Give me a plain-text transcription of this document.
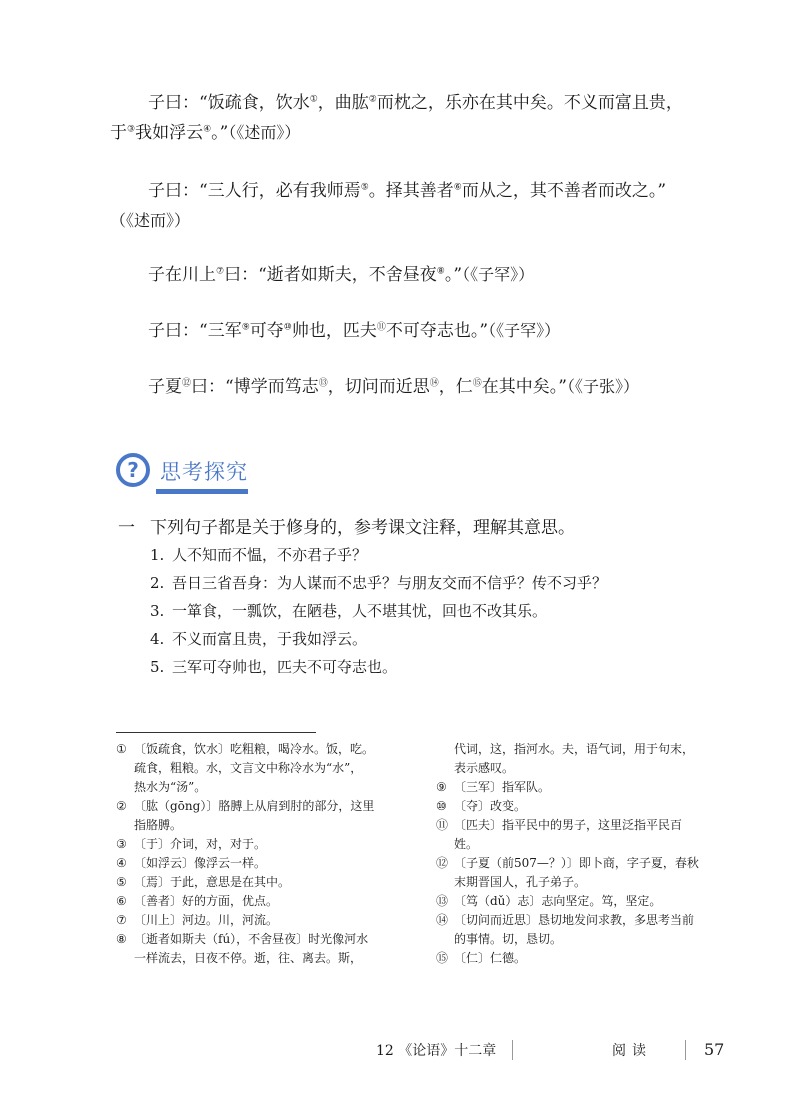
子曰：“饭疏食，饮水①，曲肱②而枕之，乐亦在其中矣。不义而富且贵，
于③我如浮云④。”（《述而》）
子曰：“三人行，必有我师焉⑤。择其善者⑥而从之，其不善者而改之。”
（《述而》）
子在川上⑦曰：“逝者如斯夫，不舍昼夜⑧。”（《子罕》）
子曰：“三军⑨可夺⑩帅也，匹夫⑪不可夺志也。”（《子罕》）
子夏⑫曰：“博学而笃志⑬，切问而近思⑭，仁⑮在其中矣。”（《子张》）
?	思考探究
一 下列句子都是关于修身的，参考课文注释，理解其意思。
1. 人不知而不愠，不亦君子乎？
2. 吾日三省吾身：为人谋而不忠乎？与朋友交而不信乎？传不习乎？
3. 一箪食，一瓢饮，在陋巷，人不堪其忧，回也不改其乐。
4. 不义而富且贵，于我如浮云。
5. 三军可夺帅也，匹夫不可夺志也。
① 〔饭疏食，饮水〕吃粗粮，喝冷水。饭，吃。
疏食，粗粮。水，文言文中称冷水为“水”，
热水为“汤”。
② 〔肱（gōng）〕胳膊上从肩到肘的部分，这里
指胳膊。
③ 〔于〕介词，对，对于。
④ 〔如浮云〕像浮云一样。
⑤ 〔焉〕于此，意思是在其中。
⑥ 〔善者〕好的方面，优点。
⑦ 〔川上〕河边。川，河流。
⑧ 〔逝者如斯夫（fú），不舍昼夜〕时光像河水
一样流去，日夜不停。逝，往、离去。斯，
代词，这，指河水。夫，语气词，用于句末，
表示感叹。
⑨ 〔三军〕指军队。
⑩ 〔夺〕改变。
⑪ 〔匹夫〕指平民中的男子，这里泛指平民百
姓。
⑫ 〔子夏（前507—？）〕即卜商，字子夏，春秋
末期晋国人，孔子弟子。
⑬ 〔笃（dǔ）志〕志向坚定。笃，坚定。
⑭ 〔切问而近思〕恳切地发问求教，多思考当前
的事情。切，恳切。
⑮ 〔仁〕仁德。
12 《论语》十二章	阅读	57
